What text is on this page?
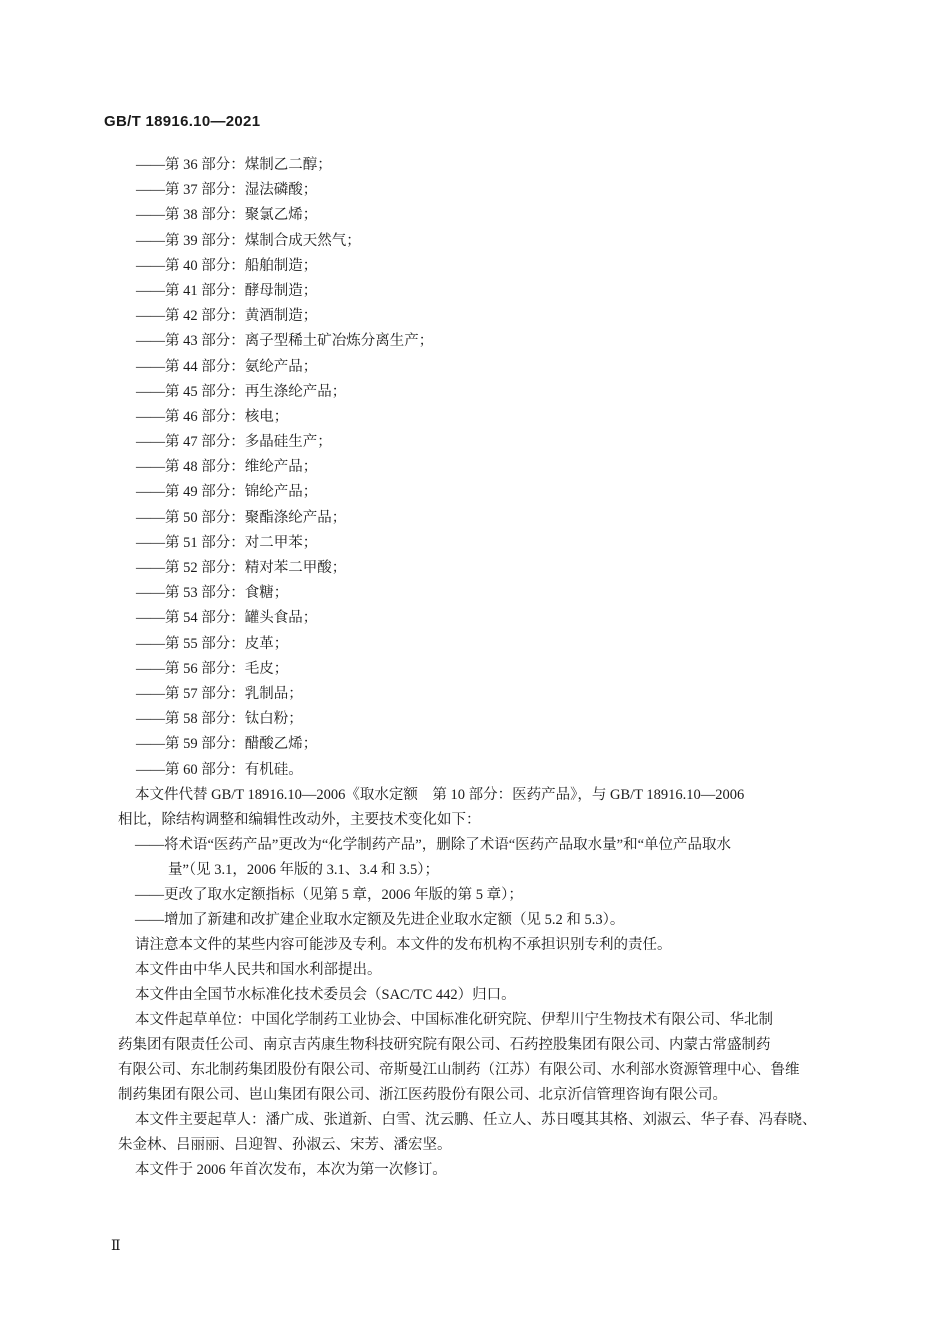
GB/T 18916.10—2021
——第 36 部分：煤制乙二醇；
——第 37 部分：湿法磷酸；
——第 38 部分：聚氯乙烯；
——第 39 部分：煤制合成天然气；
——第 40 部分：船舶制造；
——第 41 部分：酵母制造；
——第 42 部分：黄酒制造；
——第 43 部分：离子型稀土矿冶炼分离生产；
——第 44 部分：氨纶产品；
——第 45 部分：再生涤纶产品；
——第 46 部分：核电；
——第 47 部分：多晶硅生产；
——第 48 部分：维纶产品；
——第 49 部分：锦纶产品；
——第 50 部分：聚酯涤纶产品；
——第 51 部分：对二甲苯；
——第 52 部分：精对苯二甲酸；
——第 53 部分：食糖；
——第 54 部分：罐头食品；
——第 55 部分：皮革；
——第 56 部分：毛皮；
——第 57 部分：乳制品；
——第 58 部分：钛白粉；
——第 59 部分：醋酸乙烯；
——第 60 部分：有机硅。
本文件代替 GB/T 18916.10—2006《取水定额　第 10 部分：医药产品》，与 GB/T 18916.10—2006
相比，除结构调整和编辑性改动外，主要技术变化如下：
——将术语“医药产品”更改为“化学制药产品”，删除了术语“医药产品取水量”和“单位产品取水
量”（见 3.1，2006 年版的 3.1、3.4 和 3.5）；
——更改了取水定额指标（见第 5 章，2006 年版的第 5 章）；
——增加了新建和改扩建企业取水定额及先进企业取水定额（见 5.2 和 5.3）。
请注意本文件的某些内容可能涉及专利。本文件的发布机构不承担识别专利的责任。
本文件由中华人民共和国水利部提出。
本文件由全国节水标准化技术委员会（SAC/TC 442）归口。
本文件起草单位：中国化学制药工业协会、中国标准化研究院、伊犁川宁生物技术有限公司、华北制
药集团有限责任公司、南京吉芮康生物科技研究院有限公司、石药控股集团有限公司、内蒙古常盛制药
有限公司、东北制药集团股份有限公司、帝斯曼江山制药（江苏）有限公司、水利部水资源管理中心、鲁维
制药集团有限公司、岜山集团有限公司、浙江医药股份有限公司、北京沂信管理咨询有限公司。
本文件主要起草人：潘广成、张道新、白雪、沈云鹏、任立人、苏日嘎其其格、刘淑云、华子春、冯春晓、
朱金林、吕丽丽、吕迎智、孙淑云、宋芳、潘宏坚。
本文件于 2006 年首次发布，本次为第一次修订。
Ⅱ
